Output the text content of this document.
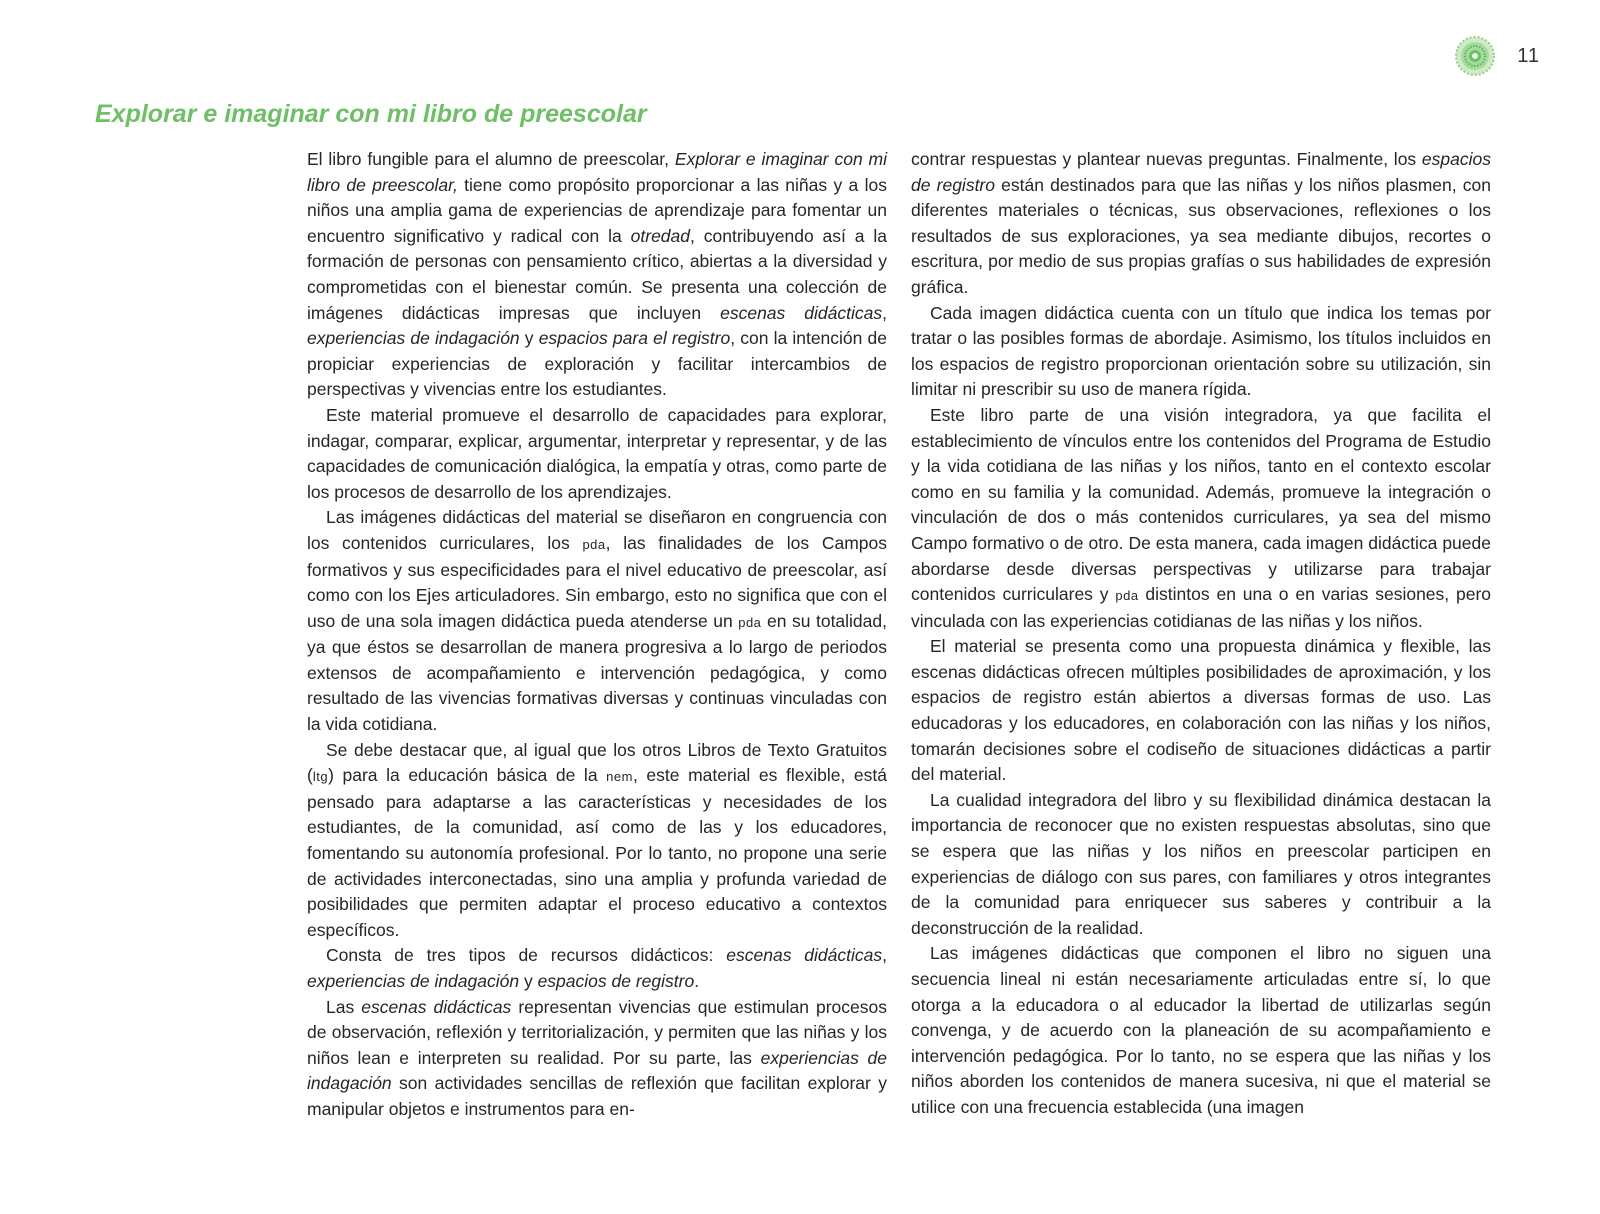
11
Explorar e imaginar con mi libro de preescolar

El libro fungible para el alumno de preescolar, Explorar e imaginar con mi libro de preescolar, tiene como propósito proporcionar a las niñas y a los niños una amplia gama de experiencias de aprendizaje para fomentar un encuentro significativo y radical con la otredad, contribuyendo así a la formación de personas con pensamiento crítico, abiertas a la diversidad y comprometidas con el bienestar común. Se presenta una colección de imágenes didácticas impresas que incluyen escenas didácticas, experiencias de indagación y espacios para el registro, con la intención de propiciar experiencias de exploración y facilitar intercambios de perspectivas y vivencias entre los estudiantes.

Este material promueve el desarrollo de capacidades para explorar, indagar, comparar, explicar, argumentar, interpretar y representar, y de las capacidades de comunicación dialógica, la empatía y otras, como parte de los procesos de desarrollo de los aprendizajes.

Las imágenes didácticas del material se diseñaron en congruencia con los contenidos curriculares, los pda, las finalidades de los Campos formativos y sus especificidades para el nivel educativo de preescolar, así como con los Ejes articuladores. Sin embargo, esto no significa que con el uso de una sola imagen didáctica pueda atenderse un pda en su totalidad, ya que éstos se desarrollan de manera progresiva a lo largo de periodos extensos de acompañamiento e intervención pedagógica, y como resultado de las vivencias formativas diversas y continuas vinculadas con la vida cotidiana.

Se debe destacar que, al igual que los otros Libros de Texto Gratuitos (ltg) para la educación básica de la nem, este material es flexible, está pensado para adaptarse a las características y necesidades de los estudiantes, de la comunidad, así como de las y los educadores, fomentando su autonomía profesional. Por lo tanto, no propone una serie de actividades interconectadas, sino una amplia y profunda variedad de posibilidades que permiten adaptar el proceso educativo a contextos específicos.

Consta de tres tipos de recursos didácticos: escenas didácticas, experiencias de indagación y espacios de registro.

Las escenas didácticas representan vivencias que estimulan procesos de observación, reflexión y territorialización, y permiten que las niñas y los niños lean e interpreten su realidad. Por su parte, las experiencias de indagación son actividades sencillas de reflexión que facilitan explorar y manipular objetos e instrumentos para en-

contrar respuestas y plantear nuevas preguntas. Finalmente, los espacios de registro están destinados para que las niñas y los niños plasmen, con diferentes materiales o técnicas, sus observaciones, reflexiones o los resultados de sus exploraciones, ya sea mediante dibujos, recortes o escritura, por medio de sus propias grafías o sus habilidades de expresión gráfica.

Cada imagen didáctica cuenta con un título que indica los temas por tratar o las posibles formas de abordaje. Asimismo, los títulos incluidos en los espacios de registro proporcionan orientación sobre su utilización, sin limitar ni prescribir su uso de manera rígida.

Este libro parte de una visión integradora, ya que facilita el establecimiento de vínculos entre los contenidos del Programa de Estudio y la vida cotidiana de las niñas y los niños, tanto en el contexto escolar como en su familia y la comunidad. Además, promueve la integración o vinculación de dos o más contenidos curriculares, ya sea del mismo Campo formativo o de otro. De esta manera, cada imagen didáctica puede abordarse desde diversas perspectivas y utilizarse para trabajar contenidos curriculares y pda distintos en una o en varias sesiones, pero vinculada con las experiencias cotidianas de las niñas y los niños.

El material se presenta como una propuesta dinámica y flexible, las escenas didácticas ofrecen múltiples posibilidades de aproximación, y los espacios de registro están abiertos a diversas formas de uso. Las educadoras y los educadores, en colaboración con las niñas y los niños, tomarán decisiones sobre el codiseño de situaciones didácticas a partir del material.

La cualidad integradora del libro y su flexibilidad dinámica destacan la importancia de reconocer que no existen respuestas absolutas, sino que se espera que las niñas y los niños en preescolar participen en experiencias de diálogo con sus pares, con familiares y otros integrantes de la comunidad para enriquecer sus saberes y contribuir a la deconstrucción de la realidad.

Las imágenes didácticas que componen el libro no siguen una secuencia lineal ni están necesariamente articuladas entre sí, lo que otorga a la educadora o al educador la libertad de utilizarlas según convenga, y de acuerdo con la planeación de su acompañamiento e intervención pedagógica. Por lo tanto, no se espera que las niñas y los niños aborden los contenidos de manera sucesiva, ni que el material se utilice con una frecuencia establecida (una imagen
